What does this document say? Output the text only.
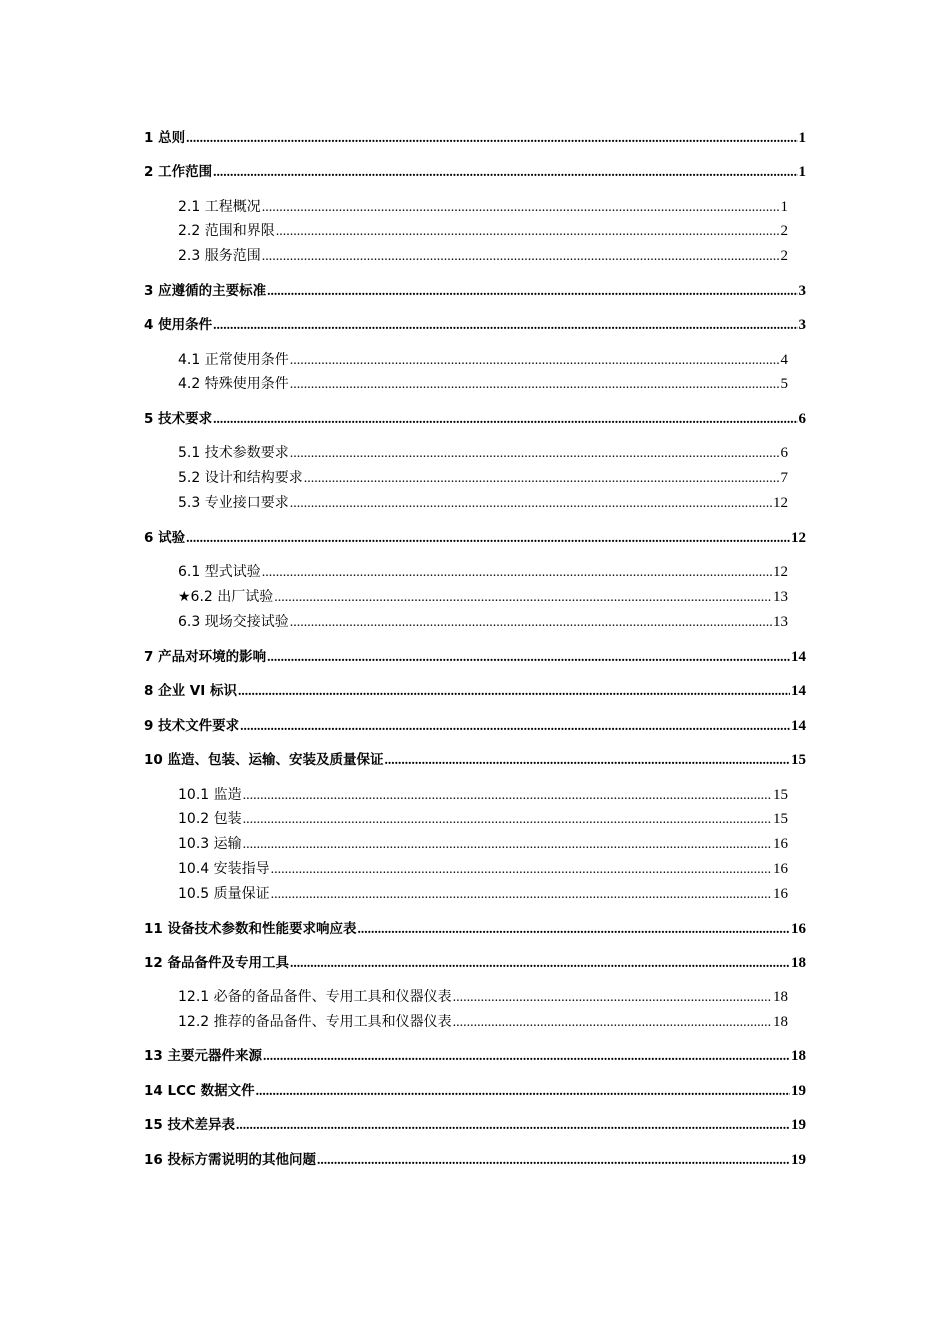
1 总则 .....	1
2 工作范围 .....	1
2.1 工程概况 .....	1
2.2 范围和界限 .....	2
2.3 服务范围 .....	2
3 应遵循的主要标准 .....	3
4 使用条件 .....	3
4.1 正常使用条件 .....	4
4.2 特殊使用条件 .....	5
5 技术要求 .....	6
5.1 技术参数要求 .....	6
5.2 设计和结构要求 .....	7
5.3 专业接口要求 .....	12
6 试验 .....	12
6.1 型式试验 .....	12
★6.2 出厂试验 .....	13
6.3 现场交接试验 .....	13
7 产品对环境的影响 .....	14
8 企业 VI 标识 .....	14
9 技术文件要求 .....	14
10 监造、包装、运输、安装及质量保证 .....	15
10.1 监造 .....	15
10.2 包装 .....	15
10.3 运输 .....	16
10.4 安装指导 .....	16
10.5 质量保证 .....	16
11 设备技术参数和性能要求响应表 .....	16
12 备品备件及专用工具 .....	18
12.1 必备的备品备件、专用工具和仪器仪表 .....	18
12.2 推荐的备品备件、专用工具和仪器仪表 .....	18
13 主要元器件来源 .....	18
14 LCC 数据文件 .....	19
15 技术差异表 .....	19
16 投标方需说明的其他问题 .....	19
